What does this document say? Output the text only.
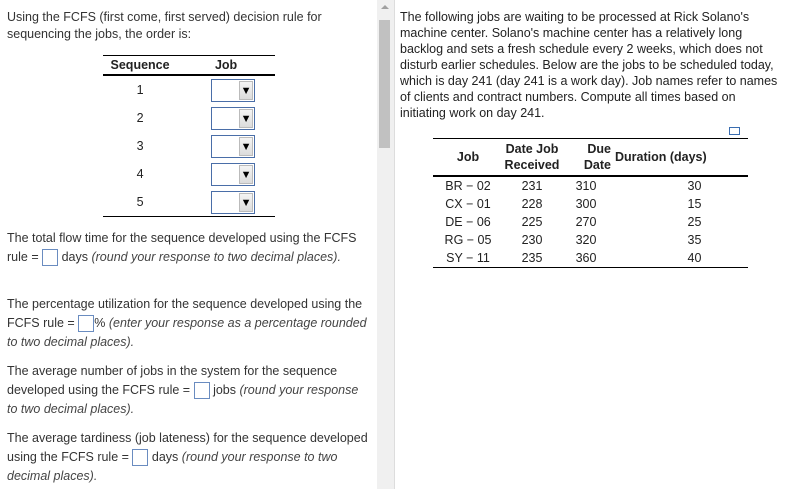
Using the FCFS (first come, first served) decision rule for sequencing the jobs, the order is:
Sequence	Job
1	▼

2	▼

3	▼

4	▼

5	▼
The total flow time for the sequence developed using the FCFS rule = days (round your response to two decimal places).
The percentage utilization for the sequence developed using the FCFS rule = % (enter your response as a percentage rounded to two decimal places).
The average number of jobs in the system for the sequence developed using the FCFS rule = jobs (round your response to two decimal places).
The average tardiness (job lateness) for the sequence developed using the FCFS rule = days (round your response to two decimal places).
The following jobs are waiting to be processed at Rick Solano's machine center. Solano's machine center has a relatively long backlog and sets a fresh schedule every 2 weeks, which does not disturb earlier schedules. Below are the jobs to be scheduled today, which is day 241 (day 241 is a work day). Job names refer to names of clients and contract numbers. Compute all times based on initiating work on day 241.
Job	Date Job Received	Due Date	Duration (days)
BR − 02	231	310	30
CX − 01	228	300	15
DE − 06	225	270	25
RG − 05	230	320	35
SY − 11	235	360	40
